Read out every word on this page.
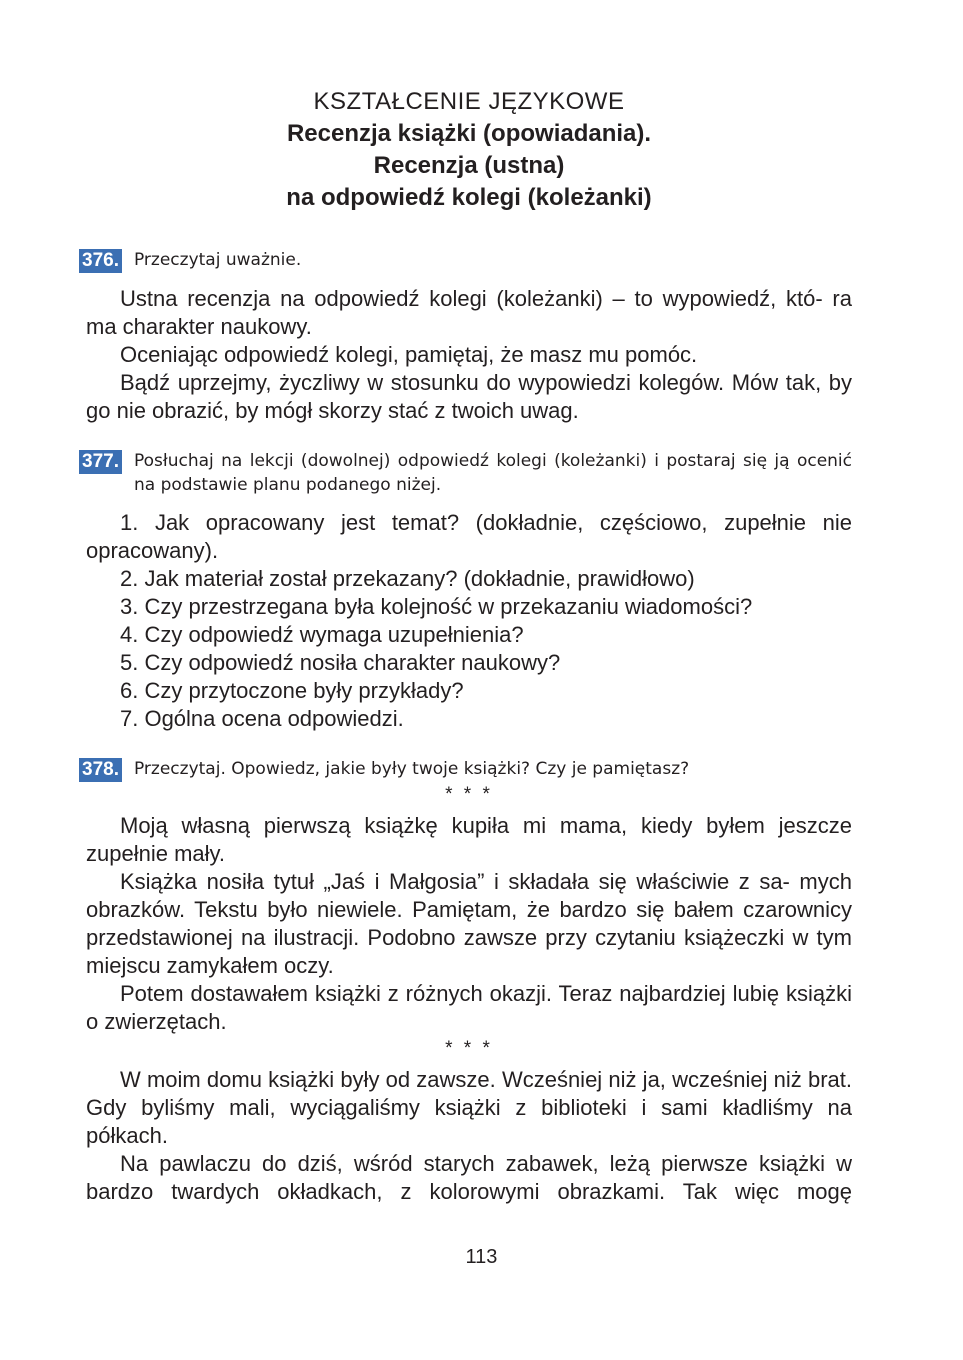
KSZTAŁCENIE JĘZYKOWE
Recenzja książki (opowiadania).
Recenzja (ustna)
na odpowiedź kolegi (koleżanki)
376. Przeczytaj uważnie.

Ustna recenzja na odpowiedź kolegi (koleżanki) – to wypowiedź, któ- ra ma charakter naukowy.

Oceniając odpowiedź kolegi, pamiętaj, że masz mu pomóc.

Bądź uprzejmy, życzliwy w stosunku do wypowiedzi kolegów. Mów tak, by go nie obrazić, by mógł skorzy stać z twoich uwag.

377. Posłuchaj na lekcji (dowolnej) odpowiedź kolegi (koleżanki) i postaraj się ją ocenić na podstawie planu podanego niżej.

1. Jak opracowany jest temat? (dokładnie, częściowo, zupełnie nie opracowany).

2. Jak materiał został przekazany? (dokładnie, prawidłowo)

3. Czy przestrzegana była kolejność w przekazaniu wiadomości?

4. Czy odpowiedź wymaga uzupełnienia?

5. Czy odpowiedź nosiła charakter naukowy?

6. Czy przytoczone były przykłady?

7. Ogólna ocena odpowiedzi.

378. Przeczytaj. Opowiedz, jakie były twoje książki? Czy je pamiętasz?
* * *

Moją własną pierwszą książkę kupiła mi mama, kiedy byłem jeszcze zupełnie mały.

Książka nosiła tytuł „Jaś i Małgosia” i składała się właściwie z sa- mych obrazków. Tekstu było niewiele. Pamiętam, że bardzo się bałem czarownicy przedstawionej na ilustracji. Podobno zawsze przy czytaniu książeczki w tym miejscu zamykałem oczy.

Potem dostawałem książki z różnych okazji. Teraz najbardziej lubię książki o zwierzętach.

* * *

W moim domu książki były od zawsze. Wcześniej niż ja, wcześniej niż brat. Gdy byliśmy mali, wyciągaliśmy książki z biblioteki i sami kładliśmy na półkach.

Na pawlaczu do dziś, wśród starych zabawek, leżą pierwsze książki w bardzo twardych okładkach, z kolorowymi obrazkami. Tak więc mogę

113
